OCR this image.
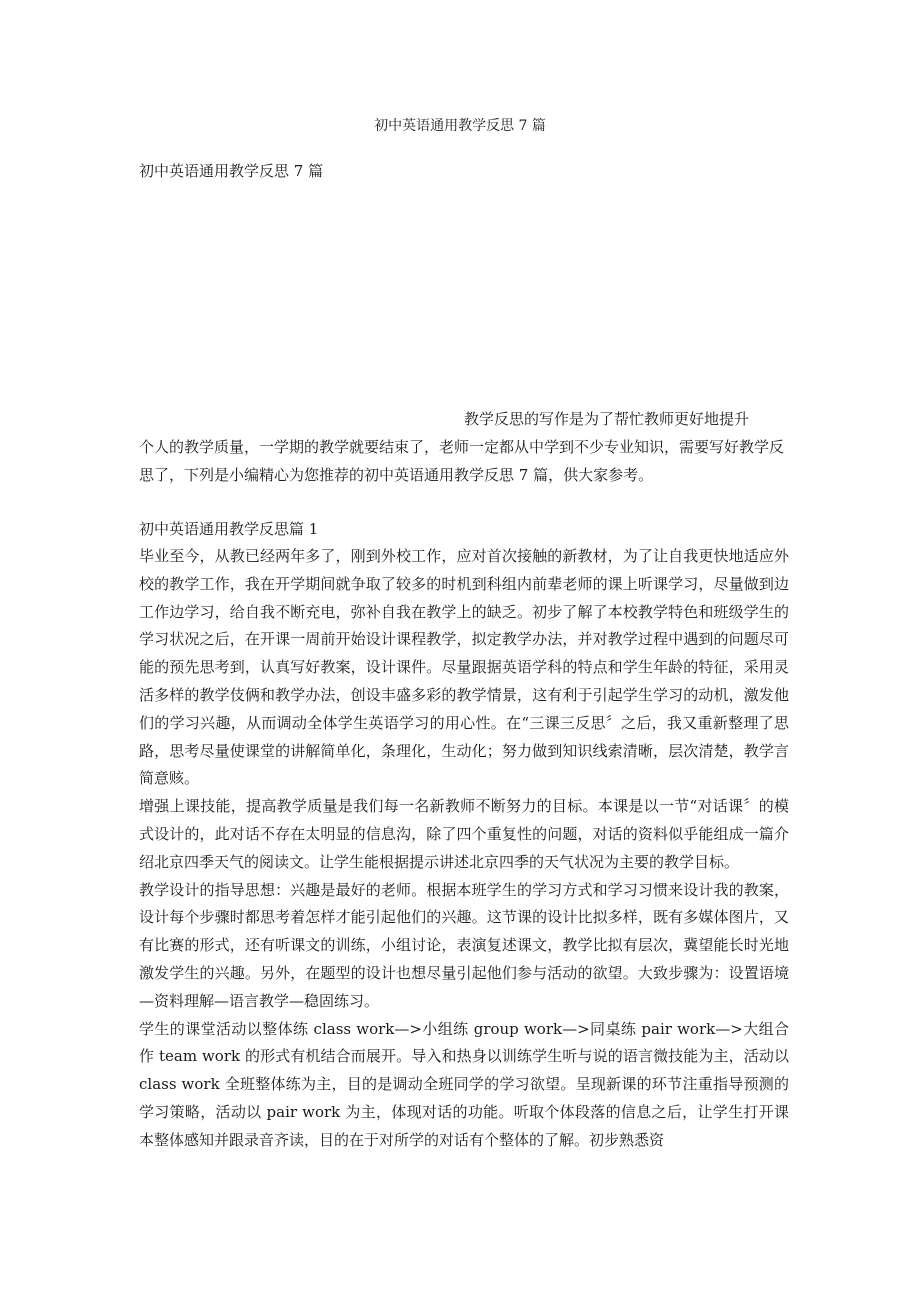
初中英语通用教学反思 7 篇
初中英语通用教学反思 7 篇
教学反思的写作是为了帮忙教师更好地提升
个人的教学质量，一学期的教学就要结束了，老师一定都从中学到不少专业知识，需要写好教学反思了，下列是小编精心为您推荐的初中英语通用教学反思 7 篇，供大家参考。
初中英语通用教学反思篇 1

毕业至今，从教已经两年多了，刚到外校工作，应对首次接触的新教材，为了让自我更快地适应外校的教学工作，我在开学期间就争取了较多的时机到科组内前辈老师的课上听课学习，尽量做到边工作边学习，给自我不断充电，弥补自我在教学上的缺乏。初步了解了本校教学特色和班级学生的学习状况之后，在开课一周前开始设计课程教学，拟定教学办法，并对教学过程中遇到的问题尽可能的预先思考到，认真写好教案，设计课件。尽量跟据英语学科的特点和学生年龄的特征，采用灵活多样的教学伎俩和教学办法，创设丰盛多彩的教学情景，这有利于引起学生学习的动机，激发他们的学习兴趣，从而调动全体学生英语学习的用心性。在“三课三反思〞之后，我又重新整理了思路，思考尽量使课堂的讲解简单化，条理化，生动化；努力做到知识线索清晰，层次清楚，教学言简意赅。

增强上课技能，提高教学质量是我们每一名新教师不断努力的目标。本课是以一节“对话课〞的模式设计的，此对话不存在太明显的信息沟，除了四个重复性的问题，对话的资料似乎能组成一篇介绍北京四季天气的阅读文。让学生能根据提示讲述北京四季的天气状况为主要的教学目标。

教学设计的指导思想：兴趣是最好的老师。根据本班学生的学习方式和学习习惯来设计我的教案，设计每个步骤时都思考着怎样才能引起他们的兴趣。这节课的设计比拟多样，既有多媒体图片，又有比赛的形式，还有听课文的训练，小组讨论，表演复述课文，教学比拟有层次，冀望能长时光地激发学生的兴趣。另外，在题型的设计也想尽量引起他们参与活动的欲望。大致步骤为：设置语境—资料理解—语言教学—稳固练习。

学生的课堂活动以整体练 class work—>小组练 group work—>同桌练 pair work—>大组合作 team work 的形式有机结合而展开。导入和热身以训练学生听与说的语言微技能为主，活动以 class work 全班整体练为主，目的是调动全班同学的学习欲望。呈现新课的环节注重指导预测的学习策略，活动以 pair work 为主，体现对话的功能。听取个体段落的信息之后，让学生打开课本整体感知并跟录音齐读，目的在于对所学的对话有个整体的了解。初步熟悉资
